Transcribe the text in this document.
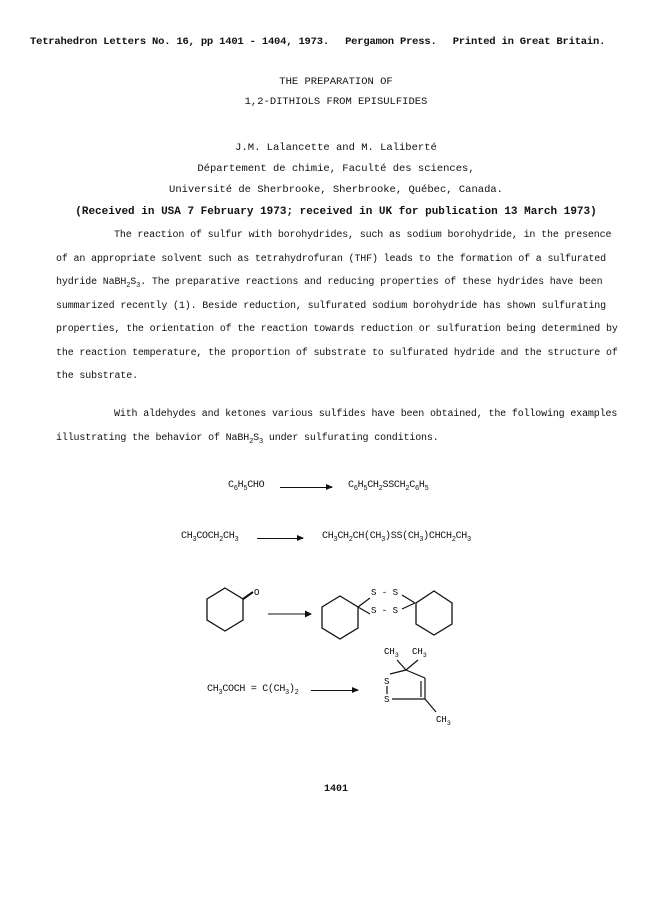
Tetrahedron Letters No. 16, pp 1401 - 1404, 1973. Pergamon Press. Printed in Great Britain.
THE PREPARATION OF
1,2-DITHIOLS FROM EPISULFIDES
J.M. Lalancette and M. Laliberté
Département de chimie, Faculté des sciences,
Université de Sherbrooke, Sherbrooke, Québec, Canada.
(Received in USA 7 February 1973; received in UK for publication 13 March 1973)
The reaction of sulfur with borohydrides, such as sodium borohydride, in the presence
of an appropriate solvent such as tetrahydrofuran (THF) leads to the formation of a sulfurated
hydride $NaBH_2S_3$. The preparative reactions and reducing properties of these hydrides have been
summarized recently (1). Beside reduction, sulfurated sodium borohydride has shown sulfurating
properties, the orientation of the reaction towards reduction or sulfuration being determined by
the reaction temperature, the proportion of substrate to sulfurated hydride and the structure of
the substrate.
With aldehydes and ketones various sulfides have been obtained, the following examples
illustrating the behavior of $NaBH_2S_3$ under sulfurating conditions.
$C_6H_5CHO$ → $C_6H_5CH_2SSCH_2C_6H_5$
$CH_3COCH_2CH_3$ → $CH_3CH_2CH(CH_3)SS(CH_3)CHCH_2CH_3$
O	S - S
S - S
$CH_3COCH = C(CH_3)_2$ →
$CH_3$ $CH_3$
S
S
$CH_3$
1401
